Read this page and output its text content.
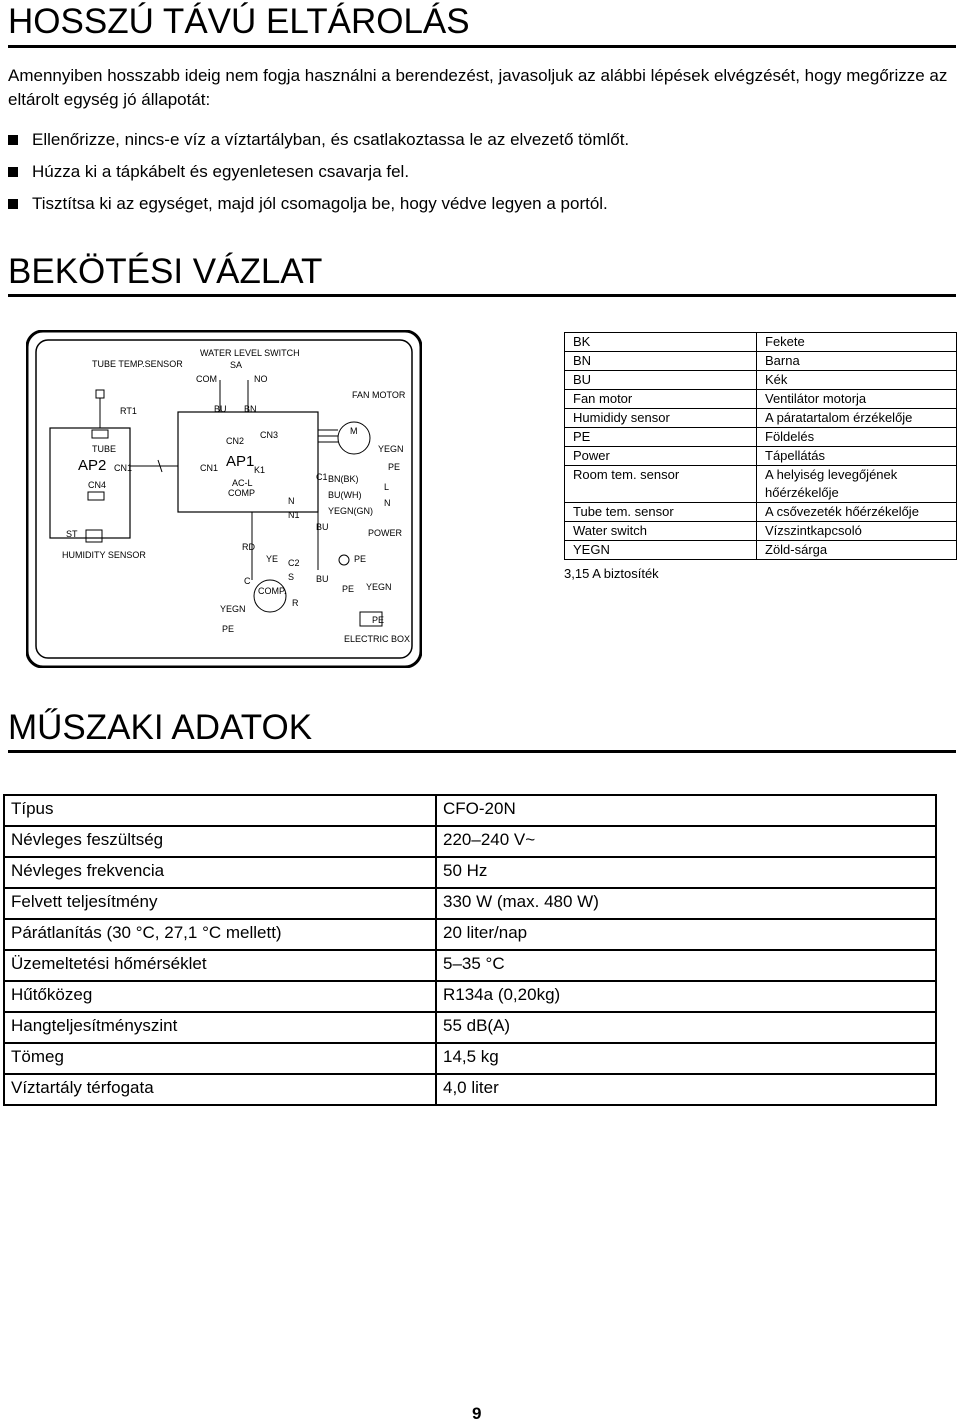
HOSSZÚ TÁVÚ ELTÁROLÁS

Amennyiben hosszabb ideig nem fogja használni a berendezést, javasoljuk az alábbi lépések elvégzését, hogy megőrizze az eltárolt egység jó állapotát:

Ellenőrizze, nincs-e víz a víztartályban, és csatlakoztassa le az elvezető tömlőt.
Húzza ki a tápkábelt és egyenletesen csavarja fel.
Tisztítsa ki az egységet, majd jól csomagolja be, hogy védve legyen a portól.
BEKÖTÉSI VÁZLAT
TUBE TEMP.SENSOR
RT1
TUBE
AP2 CN1
CN4
ST
HUMIDITY SENSOR
WATER LEVEL SWITCH
SA
COM	NO
BU BN
CN2
CN3
AP1
CN1	K1
AC-L
COMP
FAN MOTOR
M
YEGN
PE
C1 BN(BK)
BU(WH)
YEGN(GN)
L
N
POWER
N
N1
BU
PE
RD
YE C2
S
C
COMP.
R
YEGN
PE
BU
PE YEGN
PE
ELECTRIC BOX
BK	Fekete
BN	Barna
BU	Kék
Fan motor	Ventilátor motorja
Humididy sensor	A páratartalom érzékelője
PE	Földelés
Power	Tápellátás
Room tem. sensor	A helyiség levegőjének hőérzékelője
Tube tem. sensor	A csővezeték hőérzékelője
Water switch	Vízszintkapcsoló
YEGN	Zöld-sárga
3,15 A biztosíték
MŰSZAKI ADATOK
Típus	CFO-20N
Névleges feszültség	220–240 V~
Névleges frekvencia	50 Hz
Felvett teljesítmény	330 W (max. 480 W)
Párátlanítás (30 °C, 27,1 °C mellett)	20 liter/nap
Üzemeltetési hőmérséklet	5–35 °C
Hűtőközeg	R134a (0,20kg)
Hangteljesítményszint	55 dB(A)
Tömeg	14,5 kg
Víztartály térfogata	4,0 liter
9
